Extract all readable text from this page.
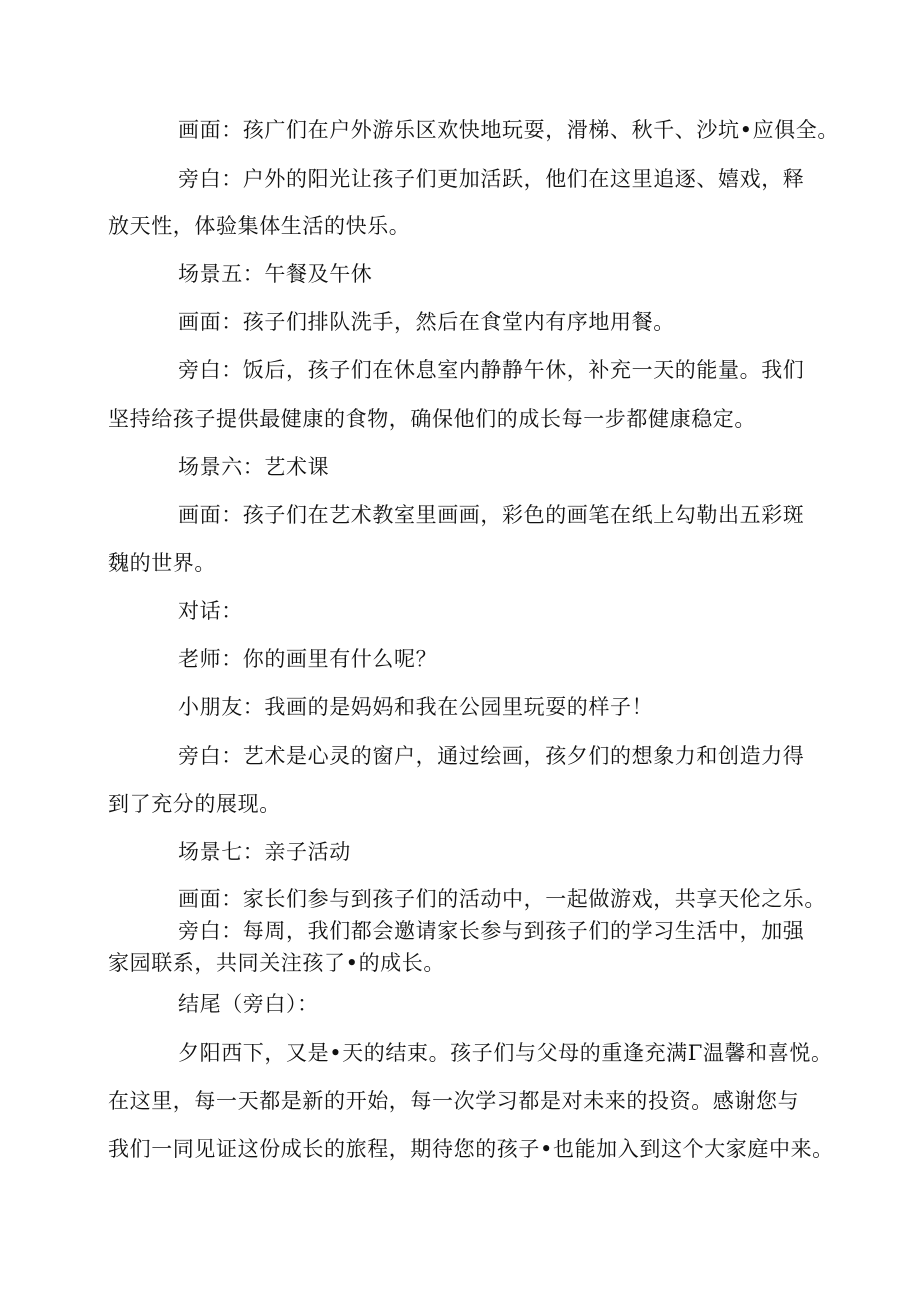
画面：孩广们在户外游乐区欢快地玩耍，滑梯、秋千、沙坑•应俱全。
旁白：户外的阳光让孩子们更加活跃，他们在这里追逐、嬉戏，释
放天性，体验集体生活的快乐。
场景五：午餐及午休
画面：孩子们排队洗手，然后在食堂内有序地用餐。
旁白：饭后，孩子们在休息室内静静午休，补充一天的能量。我们
坚持给孩子提供最健康的食物，确保他们的成长每一步都健康稳定。
场景六：艺术课
画面：孩子们在艺术教室里画画，彩色的画笔在纸上勾勒出五彩斑
魏的世界。
对话：
老师：你的画里有什么呢？
小朋友：我画的是妈妈和我在公园里玩耍的样子！
旁白：艺术是心灵的窗户，通过绘画，孩夕们的想象力和创造力得
到了充分的展现。
场景七：亲子活动
画面：家长们参与到孩子们的活动中，一起做游戏，共享天伦之乐。
旁白：每周，我们都会邀请家长参与到孩子们的学习生活中，加强
家园联系，共同关注孩了•的成长。
结尾（旁白）：
夕阳西下，又是•天的结束。孩子们与父母的重逢充满Γ温馨和喜悦。
在这里，每一天都是新的开始，每一次学习都是对未来的投资。感谢您与
我们一同见证这份成长的旅程，期待您的孩子•也能加入到这个大家庭中来。
